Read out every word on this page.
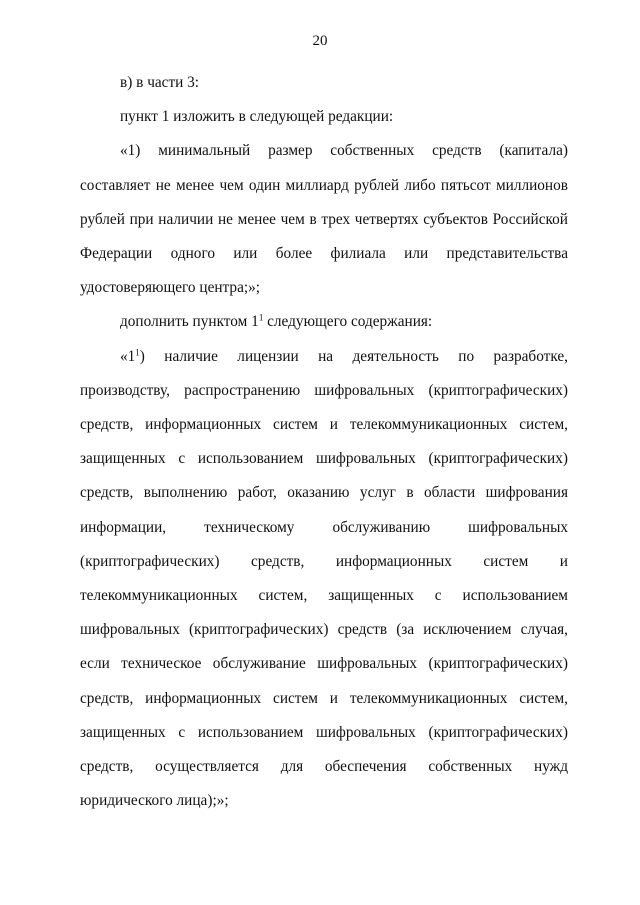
20

в) в части 3:

пункт 1 изложить в следующей редакции:

«1) минимальный размер собственных средств (капитала) составляет не менее чем один миллиард рублей либо пятьсот миллионов рублей при наличии не менее чем в трех четвертях субъектов Российской Федерации одного или более филиала или представительства удостоверяющего центра;»;

дополнить пунктом $1^1$ следующего содержания:

«$1^1$) наличие лицензии на деятельность по разработке, производству, распространению шифровальных (криптографических) средств, информационных систем и телекоммуникационных систем, защищенных с использованием шифровальных (криптографических) средств, выполнению работ, оказанию услуг в области шифрования информации, техническому обслуживанию шифровальных (криптографических) средств, информационных систем и телекоммуникационных систем, защищенных с использованием шифровальных (криптографических) средств (за исключением случая, если техническое обслуживание шифровальных (криптографических) средств, информационных систем и телекоммуникационных систем, защищенных с использованием шифровальных (криптографических) средств, осуществляется для обеспечения собственных нужд юридического лица);»;
